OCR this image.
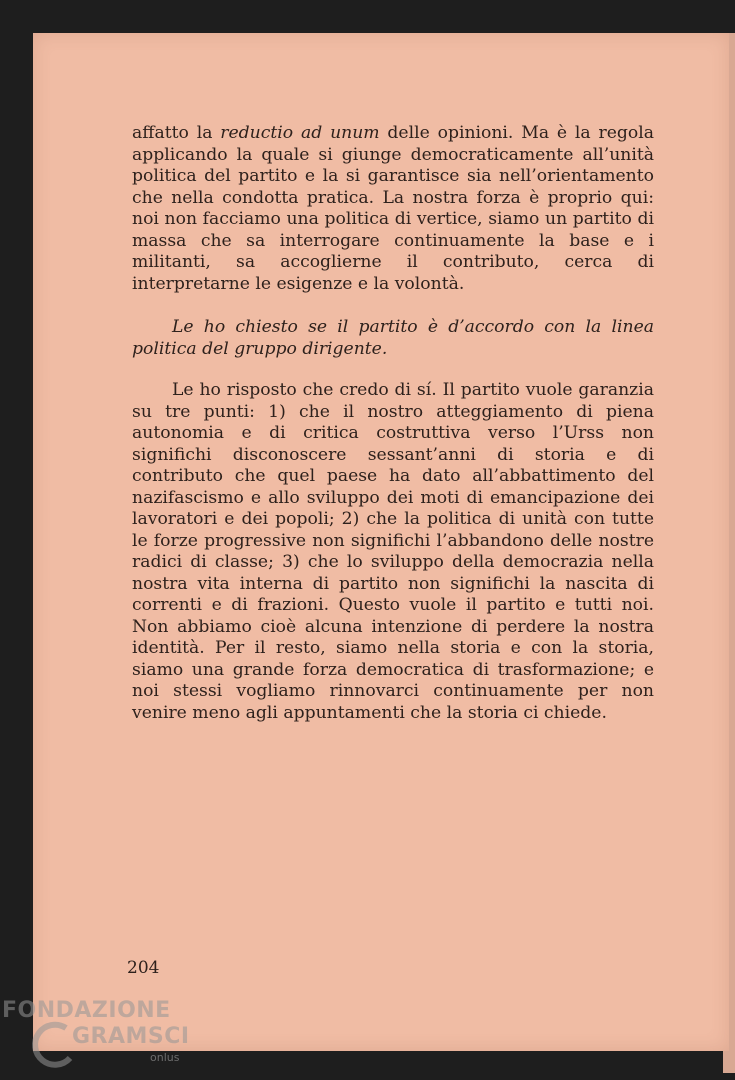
affatto la reductio ad unum delle opinioni. Ma è la regola applicando la quale si giunge democraticamente all’unità politica del partito e la si garantisce sia nell’orientamento che nella condotta pratica. La nostra forza è proprio qui: noi non facciamo una politica di vertice, siamo un partito di massa che sa interrogare continuamente la base e i militanti, sa accoglierne il contributo, cerca di interpretarne le esigenze e la volontà.

Le ho chiesto se il partito è d’accordo con la linea politica del gruppo dirigente.

Le ho risposto che credo di sí. Il partito vuole garanzia su tre punti: 1) che il nostro atteggiamento di piena autonomia e di critica costruttiva verso l’Urss non significhi disconoscere sessant’anni di storia e di contributo che quel paese ha dato all’abbattimento del nazifascismo e allo sviluppo dei moti di emancipazione dei lavoratori e dei popoli; 2) che la politica di unità con tutte le forze progressive non significhi l’abbandono delle nostre radici di classe; 3) che lo sviluppo della democrazia nella nostra vita interna di partito non significhi la nascita di correnti e di frazioni. Questo vuole il partito e tutti noi. Non abbiamo cioè alcuna intenzione di perdere la nostra identità. Per il resto, siamo nella storia e con la storia, siamo una grande forza democratica di trasformazione; e noi stessi vogliamo rinnovarci continuamente per non venire meno agli appuntamenti che la storia ci chiede.

204
FONDAZIONE
GRAMSCI
onlus
